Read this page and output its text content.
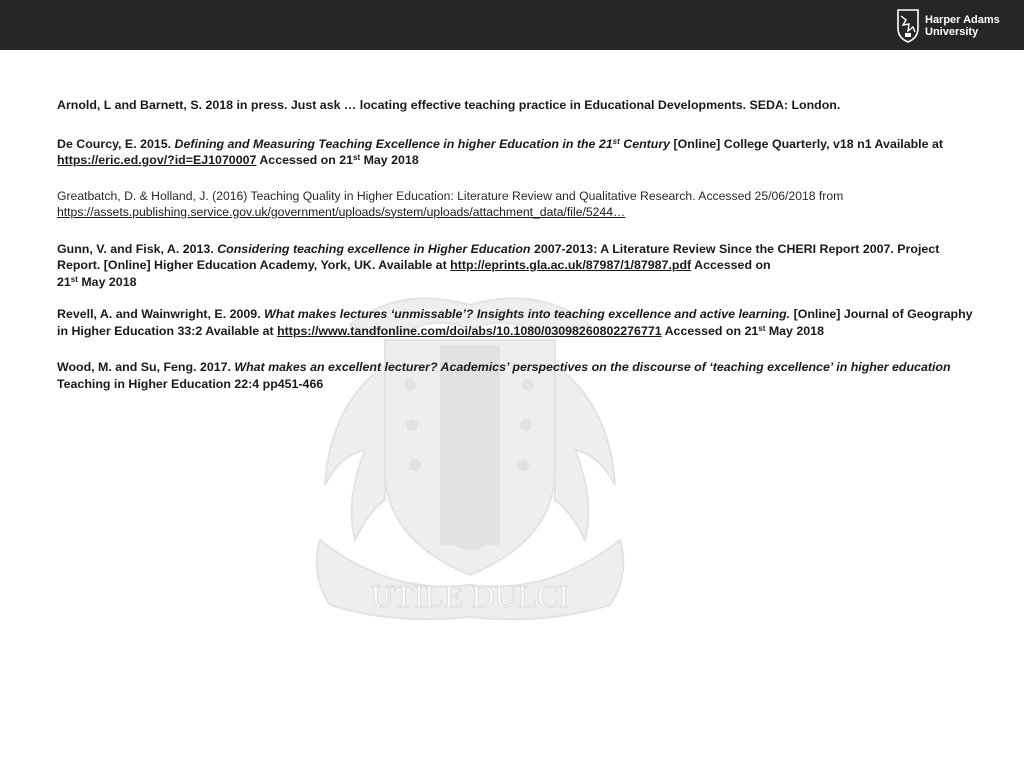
Harper Adams
University
UTILE DULCI

Arnold, L and Barnett, S. 2018 in press. Just ask … locating effective teaching practice in Educational Developments. SEDA: London.

De Courcy, E. 2015. Defining and Measuring Teaching Excellence in higher Education in the 21st Century [Online] College Quarterly, v18 n1 Available at https://eric.ed.gov/?id=EJ1070007 Accessed on 21st May 2018

Greatbatch, D. & Holland, J. (2016) Teaching Quality in Higher Education: Literature Review and Qualitative Research. Accessed 25/06/2018 from https://assets.publishing.service.gov.uk/government/uploads/system/uploads/attachment_data/file/5244…

Gunn, V. and Fisk, A. 2013. Considering teaching excellence in Higher Education 2007-2013: A Literature Review Since the CHERI Report 2007. Project Report. [Online] Higher Education Academy, York, UK. Available at http://eprints.gla.ac.uk/87987/1/87987.pdf Accessed on
21st May 2018

Revell, A. and Wainwright, E. 2009. What makes lectures ‘unmissable’? Insights into teaching excellence and active learning. [Online] Journal of Geography in Higher Education 33:2 Available at https://www.tandfonline.com/doi/abs/10.1080/03098260802276771 Accessed on 21st May 2018

Wood, M. and Su, Feng. 2017. What makes an excellent lecturer? Academics’ perspectives on the discourse of ‘teaching excellence’ in higher education Teaching in Higher Education 22:4 pp451-466
